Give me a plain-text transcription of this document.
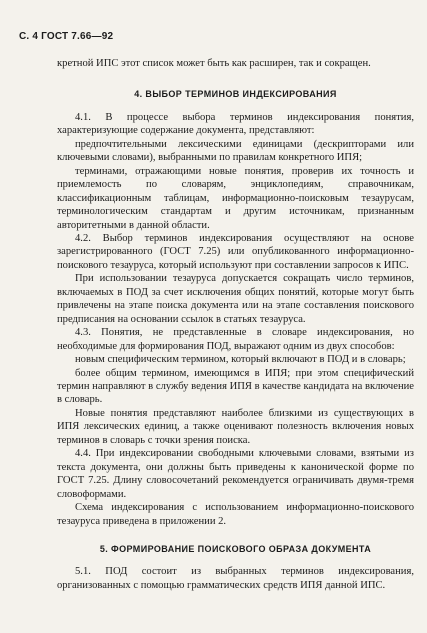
С. 4 ГОСТ 7.66—92

кретной ИПС этот список может быть как расширен, так и сокращен.

4. ВЫБОР ТЕРМИНОВ ИНДЕКСИРОВАНИЯ

4.1. В процессе выбора терминов индексирования понятия, характеризующие содержание документа, представляют:

предпочтительными лексическими единицами (дескрипторами или ключевыми словами), выбранными по правилам конкретного ИПЯ;

терминами, отражающими новые понятия, проверив их точность и приемлемость по словарям, энциклопедиям, справочникам, классификационным таблицам, информационно-поисковым тезаурусам, терминологическим стандартам и другим источникам, признанным авторитетными в данной области.

4.2. Выбор терминов индексирования осуществляют на основе зарегистрированного (ГОСТ 7.25) или опубликованного информационно-поискового тезауруса, который используют при составлении запросов к ИПС.

При использовании тезауруса допускается сокращать число терминов, включаемых в ПОД за счет исключения общих понятий, которые могут быть привлечены на этапе поиска документа или на этапе составления поискового предписания на основании ссылок в статьях тезауруса.

4.3. Понятия, не представленные в словаре индексирования, но необходимые для формирования ПОД, выражают одним из двух способов:

новым специфическим термином, который включают в ПОД и в словарь;

более общим термином, имеющимся в ИПЯ; при этом специфический термин направляют в службу ведения ИПЯ в качестве кандидата на включение в словарь.

Новые понятия представляют наиболее близкими из существующих в ИПЯ лексических единиц, а также оценивают полезность включения новых терминов в словарь с точки зрения поиска.

4.4. При индексировании свободными ключевыми словами, взятыми из текста документа, они должны быть приведены к канонической форме по ГОСТ 7.25. Длину словосочетаний рекомендуется ограничивать двумя-тремя словоформами.

Схема индексирования с использованием информационно-поискового тезауруса приведена в приложении 2.

5. ФОРМИРОВАНИЕ ПОИСКОВОГО ОБРАЗА ДОКУМЕНТА

5.1. ПОД состоит из выбранных терминов индексирования, организованных с помощью грамматических средств ИПЯ данной ИПС.
